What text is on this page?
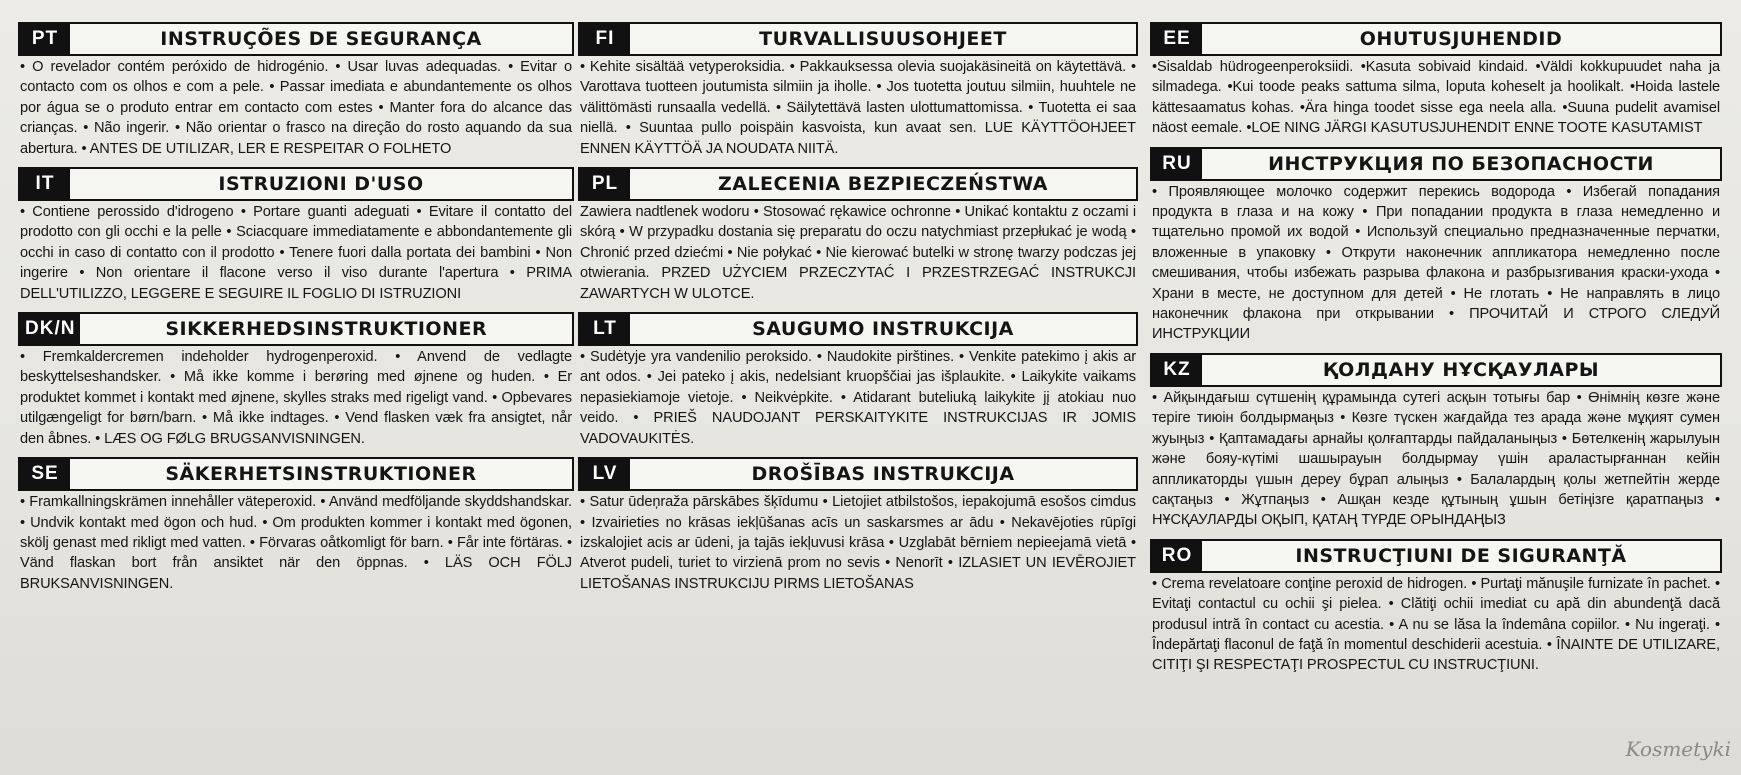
PT	INSTRUÇÕES DE SEGURANÇA
• O revelador contém peróxido de hidrogénio. • Usar luvas adequadas. • Evitar o contacto com os olhos e com a pele. • Passar imediata e abundantemente os olhos por água se o produto entrar em contacto com estes • Manter fora do alcance das crianças. • Não ingerir. • Não orientar o frasco na direção do rosto aquando da sua abertura. • ANTES DE UTILIZAR, LER E RESPEITAR O FOLHETO
IT	ISTRUZIONI D'USO
• Contiene perossido d'idrogeno • Portare guanti adeguati • Evitare il contatto del prodotto con gli occhi e la pelle • Sciacquare immediatamente e abbondantemente gli occhi in caso di contatto con il prodotto • Tenere fuori dalla portata dei bambini • Non ingerire • Non orientare il flacone verso il viso durante l'apertura • PRIMA DELL'UTILIZZO, LEGGERE E SEGUIRE IL FOGLIO DI ISTRUZIONI
DK/N	SIKKERHEDSINSTRUKTIONER
• Fremkaldercremen indeholder hydrogenperoxid. • Anvend de vedlagte beskyttelseshandsker. • Må ikke komme i berøring med øjnene og huden. • Er produktet kommet i kontakt med øjnene, skylles straks med rigeligt vand. • Opbevares utilgængeligt for børn/barn. • Må ikke indtages. • Vend flasken væk fra ansigtet, når den åbnes. • LÆS OG FØLG BRUGSANVISNINGEN.
SE	SÄKERHETSINSTRUKTIONER
• Framkallningskrämen innehåller väteperoxid. • Använd medföljande skyddshandskar. • Undvik kontakt med ögon och hud. • Om produkten kommer i kontakt med ögonen, skölj genast med rikligt med vatten. • Förvaras oåtkomligt för barn. • Får inte förtäras. • Vänd flaskan bort från ansiktet när den öppnas. • LÄS OCH FÖLJ BRUKSANVISNINGEN.
FI	TURVALLISUUSOHJEET
• Kehite sisältää vetyperoksidia. • Pakkauksessa olevia suojakäsineitä on käytettävä. • Varottava tuotteen joutumista silmiin ja iholle. • Jos tuotetta joutuu silmiin, huuhtele ne välittömästi runsaalla vedellä. • Säilytettävä lasten ulottumattomissa. • Tuotetta ei saa niellä. • Suuntaa pullo poispäin kasvoista, kun avaat sen. LUE KÄYTTÖOHJEET ENNEN KÄYTTÖÄ JA NOUDATA NIITÄ.
PL	ZALECENIA BEZPIECZEŃSTWA
Zawiera nadtlenek wodoru • Stosować rękawice ochronne • Unikać kontaktu z oczami i skórą • W przypadku dostania się preparatu do oczu natychmiast przepłukać je wodą • Chronić przed dziećmi • Nie połykać • Nie kierować butelki w stronę twarzy podczas jej otwierania. PRZED UŻYCIEM PRZECZYTAĆ I PRZESTRZEGAĆ INSTRUKCJI ZAWARTYCH W ULOTCE.
LT	SAUGUMO INSTRUKCIJA
• Sudėtyje yra vandenilio peroksido. • Naudokite pirštines. • Venkite patekimo į akis ar ant odos. • Jei pateko į akis, nedelsiant kruopščiai jas išplaukite. • Laikykite vaikams nepasiekiamoje vietoje. • Neikvėpkite. • Atidarant buteliuką laikykite jį atokiau nuo veido. • PRIEŠ NAUDOJANT PERSKAITYKITE INSTRUKCIJAS IR JOMIS VADOVAUKITĖS.
LV	DROŠĪBAS INSTRUKCIJA
• Satur ūdeņraža pārskābes šķīdumu • Lietojiet atbilstošos, iepakojumā esošos cimdus • Izvairieties no krāsas iekļūšanas acīs un saskarsmes ar ādu • Nekavējoties rūpīgi izskalojiet acis ar ūdeni, ja tajās iekļuvusi krāsa • Uzglabāt bērniem nepieejamā vietā • Atverot pudeli, turiet to virzienā prom no sevis • Nenorīt • IZLASIET UN IEVĒROJIET LIETOŠANAS INSTRUKCIJU PIRMS LIETOŠANAS
EE	OHUTUSJUHENDID
•Sisaldab hüdrogeenperoksiidi. •Kasuta sobivaid kindaid. •Väldi kokkupuudet naha ja silmadega. •Kui toode peaks sattuma silma, loputa koheselt ja hoolikalt. •Hoida lastele kättesaamatus kohas. •Ära hinga toodet sisse ega neela alla. •Suuna pudelit avamisel näost eemale. •LOE NING JÄRGI KASUTUSJUHENDIT ENNE TOOTE KASUTAMIST
RU	ИНСТРУКЦИЯ ПО БЕЗОПАСНОСТИ
• Проявляющее молочко содержит перекись водорода • Избегай попадания продукта в глаза и на кожу • При попадании продукта в глаза немедленно и тщательно промой их водой • Используй специально предназначенные перчатки, вложенные в упаковку • Открути наконечник аппликатора немедленно после смешивания, чтобы избежать разрыва флакона и разбрызгивания краски-ухода • Храни в месте, не доступном для детей • Не глотать • Не направлять в лицо наконечник флакона при открывании • ПРОЧИТАЙ И СТРОГО СЛЕДУЙ ИНСТРУКЦИИ
KZ	ҚОЛДАНУ НҰСҚАУЛАРЫ
• Айқындағыш сүтшенің құрамында сутегі асқын тотығы бар • Өнімнің көзге және теріге тиюін болдырмаңыз • Көзге түскен жағдайда тез арада және мұқият сумен жуыңыз • Қаптамадағы арнайы қолғаптарды пайдаланыңыз • Бөтелкенің жарылуын және бояу-күтімі шашырауын болдырмау үшін араластырғаннан кейін аппликаторды үшын дереу бұрап алыңыз • Балалардың қолы жетпейтін жерде сақтаңыз • Жұтпаңыз • Ашқан кезде құтының ұшын бетіңізге қаратпаңыз • НҰСҚАУЛАРДЫ ОҚЫП, ҚАТАҢ ТҮРДЕ ОРЫНДАҢЫЗ
RO	INSTRUCŢIUNI DE SIGURANŢĂ
• Crema revelatoare conţine peroxid de hidrogen. • Purtaţi mănuşile furnizate în pachet. • Evitaţi contactul cu ochii şi pielea. • Clătiţi ochii imediat cu apă din abundenţă dacă produsul intră în contact cu acestia. • A nu se lăsa la îndemâna copiilor. • Nu ingeraţi. • Îndepărtaţi flaconul de faţă în momentul deschiderii acestuia. • ÎNAINTE DE UTILIZARE, CITIŢI ŞI RESPECTAŢI PROSPECTUL CU INSTRUCŢIUNI.
Kosmetyki
